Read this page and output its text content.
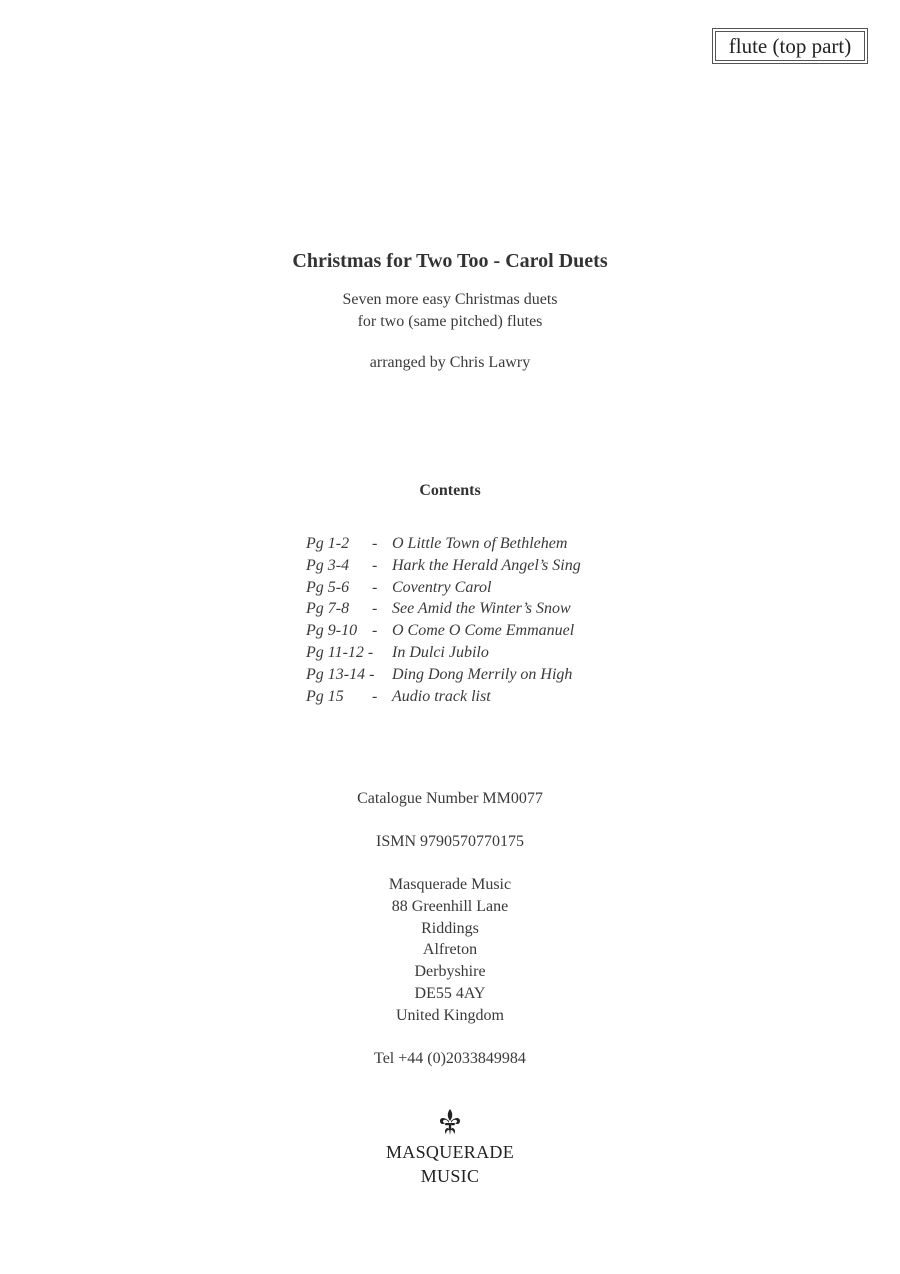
flute (top part)
Christmas for Two Too - Carol Duets
Seven more easy Christmas duets
for two (same pitched) flutes
arranged by Chris Lawry
Contents
Pg 1-2 - O Little Town of Bethlehem
Pg 3-4 - Hark the Herald Angel’s Sing
Pg 5-6 - Coventry Carol
Pg 7-8 - See Amid the Winter’s Snow
Pg 9-10 - O Come O Come Emmanuel
Pg 11-12 - In Dulci Jubilo
Pg 13-14 - Ding Dong Merrily on High
Pg 15 - Audio track list
Catalogue Number MM0077
ISMN 9790570770175
Masquerade Music
88 Greenhill Lane
Riddings
Alfreton
Derbyshire
DE55 4AY
United Kingdom
Tel +44 (0)2033849984
MASQUERADE
MUSIC
